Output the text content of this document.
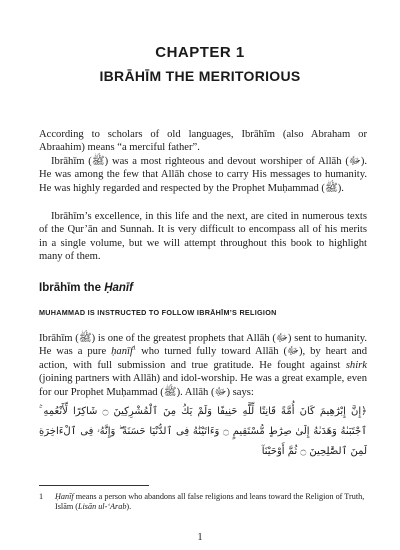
CHAPTER 1
IBRĀHĪM THE MERITORIOUS

According to scholars of old languages, Ibrāhīm (also Abraham or Abraahim) means “a merciful father”.

Ibrāhīm (ﷺ) was a most righteous and devout worshiper of Allāh (ﷻ). He was among the few that Allāh chose to carry His messages to humanity. He was highly regarded and respected by the Prophet Muḥammad (ﷺ).

Ibrāhīm’s excellence, in this life and the next, are cited in numerous texts of the Qur’ān and Sunnah. It is very difficult to encompass all of his merits in a single volume, but we will attempt throughout this book to highlight many of them.

Ibrāhīm the Ḥanīf
MUHAMMAD IS INSTRUCTED TO FOLLOW IBRĀHĪM’S RELIGION

Ibrāhīm (ﷺ) is one of the greatest prophets that Allāh (ﷻ) sent to humanity. He was a pure ḥanīf$^1$ who turned fully toward Allāh (ﷻ), by heart and action, with full submission and true gratitude. He fought against shirk (joining partners with Allāh) and idol-worship. He was a great example, even for our Prophet Muḥammad (ﷺ). Allāh (ﷻ) says:

﴿إِنَّ إِبْرَٰهِيمَ كَانَ أُمَّةً قَانِتًا لِّلَّهِ حَنِيفًا وَلَمْ يَكُ مِنَ ٱلْمُشْرِكِينَ ۝ شَاكِرًا لِّأَنْعُمِهِ ۚ ٱجْتَبَىٰهُ وَهَدَىٰهُ إِلَىٰ صِرَٰطٍ مُّسْتَقِيمٍ ۝ وَءَاتَيْنَٰهُ فِى ٱلدُّنْيَا حَسَنَةً ۖ وَإِنَّهُۥ فِى ٱلْءَاخِرَةِ لَمِنَ ٱلصَّٰلِحِينَ ۝ ثُمَّ أَوْحَيْنَآ
1 Ḥanīf means a person who abandons all false religions and leans toward the Religion of Truth, Islām (Lisān ul-‘Arab).
1
